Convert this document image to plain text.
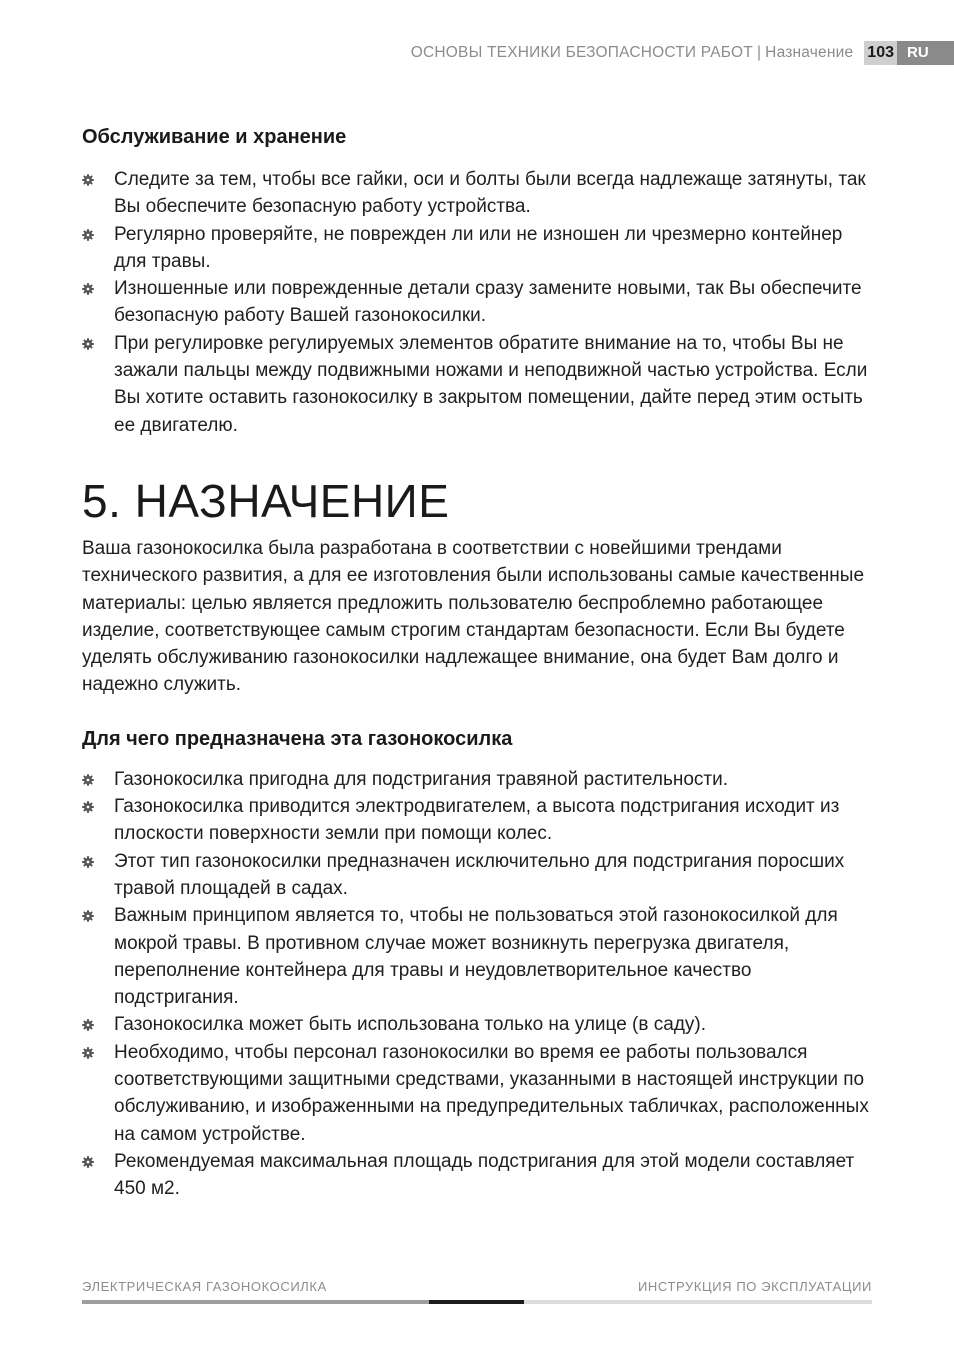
ОСНОВЫ ТЕХНИКИ БЕЗОПАСНОСТИ РАБОТ | Назначение 103 RU
Обслуживание и хранение
Следите за тем, чтобы все гайки, оси и болты были всегда надлежаще затянуты, так Вы обеспечите безопасную работу устройства.
Регулярно проверяйте, не поврежден ли или не изношен ли чрезмерно контейнер для травы.
Изношенные или поврежденные детали сразу замените новыми, так Вы обеспечите безопасную работу Вашей газонокосилки.
При регулировке регулируемых элементов обратите внимание на то, чтобы Вы не зажали пальцы между подвижными ножами и неподвижной частью устройства. Если Вы хотите оставить газонокосилку в закрытом помещении, дайте перед этим остыть ее двигателю.
5. НАЗНАЧЕНИЕ

Ваша газонокосилка была разработана в соответствии с новейшими трендами технического развития, а для ее изготовления были использованы самые качественные материалы: целью является предложить пользователю беспроблемно работающее изделие, соответствующее самым строгим стандартам безопасности. Если Вы будете уделять обслуживанию газонокосилки надлежащее внимание, она будет Вам долго и надежно служить.

Для чего предназначена эта газонокосилка
Газонокосилка пригодна для подстригания травяной растительности.
Газонокосилка приводится электродвигателем, а высота подстригания исходит из плоскости поверхности земли при помощи колес.
Этот тип газонокосилки предназначен исключительно для подстригания поросших травой площадей в садах.
Важным принципом является то, чтобы не пользоваться этой газонокосилкой для мокрой травы. В противном случае может возникнуть перегрузка двигателя, переполнение контейнера для травы и неудовлетворительное качество подстригания.
Газонокосилка может быть использована только на улице (в саду).
Необходимо, чтобы персонал газонокосилки во время ее работы пользовался соответствующими защитными средствами, указанными в настоящей инструкции по обслуживанию, и изображенными на предупредительных табличках, расположенных на самом устройстве.
Рекомендуемая максимальная площадь подстригания для этой модели составляет 450 м2.
ЭЛЕКТРИЧЕСКАЯ ГАЗОНОКОСИЛКА	ИНСТРУКЦИЯ ПО ЭКСПЛУАТАЦИИ
